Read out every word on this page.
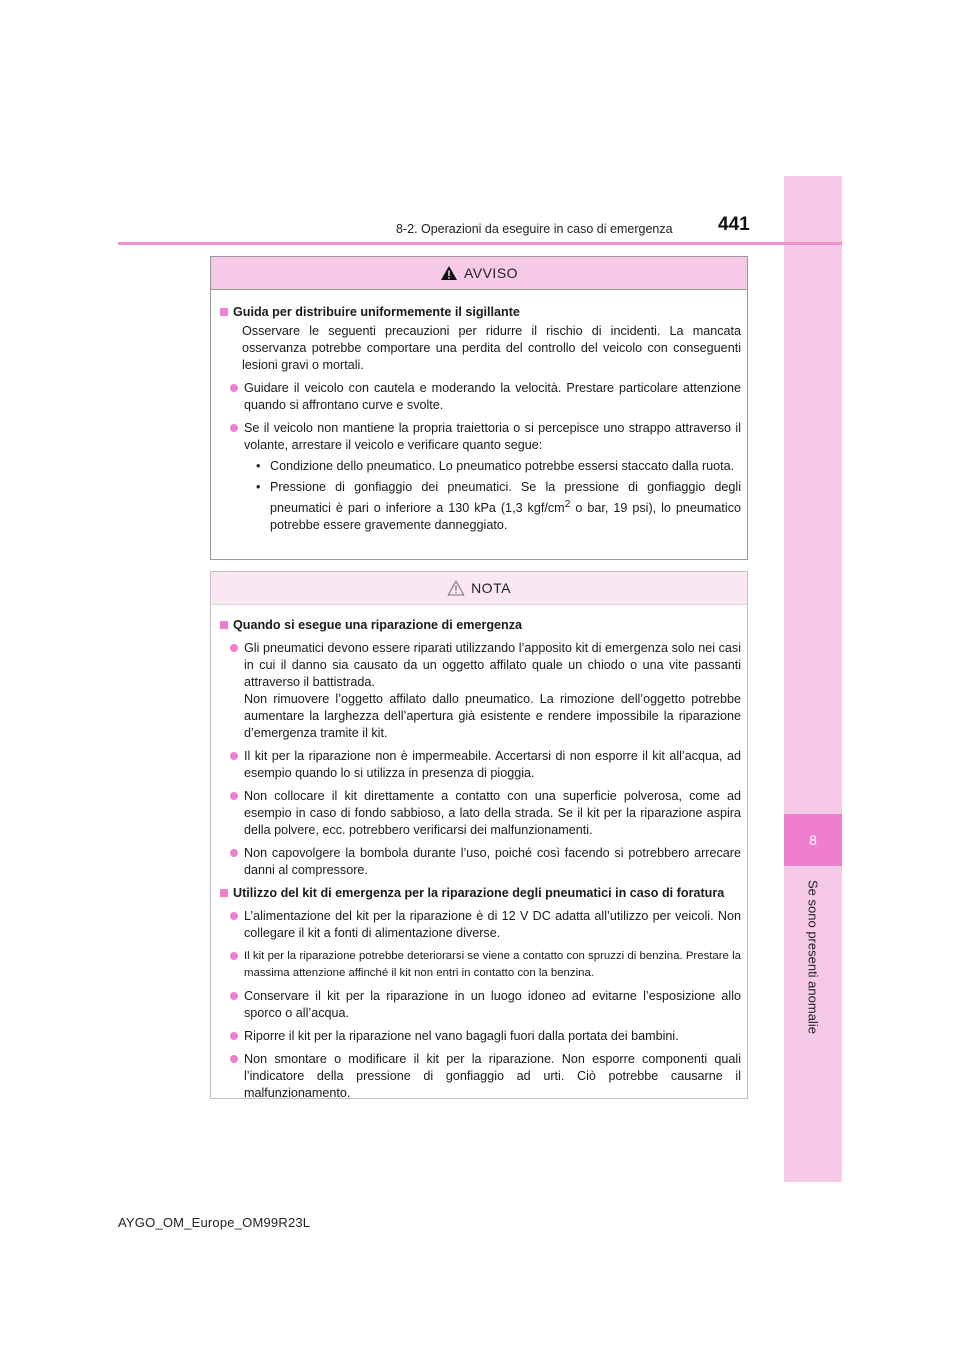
8
Se sono presenti anomalie
8-2. Operazioni da eseguire in caso di emergenza 441
AVVISO
Guida per distribuire uniformemente il sigillante
Osservare le seguenti precauzioni per ridurre il rischio di incidenti. La mancata osservanza potrebbe comportare una perdita del controllo del veicolo con conseguenti lesioni gravi o mortali.
Guidare il veicolo con cautela e moderando la velocità. Prestare particolare attenzione quando si affrontano curve e svolte.
Se il veicolo non mantiene la propria traiettoria o si percepisce uno strappo attraverso il volante, arrestare il veicolo e verificare quanto segue:
• Condizione dello pneumatico. Lo pneumatico potrebbe essersi staccato dalla ruota.
• Pressione di gonfiaggio dei pneumatici. Se la pressione di gonfiaggio degli pneumatici è pari o inferiore a 130 kPa (1,3 kgf/$cm^2$ o bar, 19 psi), lo pneumatico potrebbe essere gravemente danneggiato.
NOTA
Quando si esegue una riparazione di emergenza
Gli pneumatici devono essere riparati utilizzando l’apposito kit di emergenza solo nei casi in cui il danno sia causato da un oggetto affilato quale un chiodo o una vite passanti attraverso il battistrada.
Non rimuovere l’oggetto affilato dallo pneumatico. La rimozione dell’oggetto potrebbe aumentare la larghezza dell’apertura già esistente e rendere impossibile la riparazione d’emergenza tramite il kit.
Il kit per la riparazione non è impermeabile. Accertarsi di non esporre il kit all’acqua, ad esempio quando lo si utilizza in presenza di pioggia.
Non collocare il kit direttamente a contatto con una superficie polverosa, come ad esempio in caso di fondo sabbioso, a lato della strada. Se il kit per la riparazione aspira della polvere, ecc. potrebbero verificarsi dei malfunzionamenti.
Non capovolgere la bombola durante l’uso, poiché così facendo si potrebbero arrecare danni al compressore.
Utilizzo del kit di emergenza per la riparazione degli pneumatici in caso di foratura
L’alimentazione del kit per la riparazione è di 12 V DC adatta all’utilizzo per veicoli. Non collegare il kit a fonti di alimentazione diverse.
Il kit per la riparazione potrebbe deteriorarsi se viene a contatto con spruzzi di benzina. Prestare la massima attenzione affinché il kit non entri in contatto con la benzina.
Conservare il kit per la riparazione in un luogo idoneo ad evitarne l’esposizione allo sporco o all’acqua.
Riporre il kit per la riparazione nel vano bagagli fuori dalla portata dei bambini.
Non smontare o modificare il kit per la riparazione. Non esporre componenti quali l’indicatore della pressione di gonfiaggio ad urti. Ciò potrebbe causarne il malfunzionamento.
AYGO_OM_Europe_OM99R23L
